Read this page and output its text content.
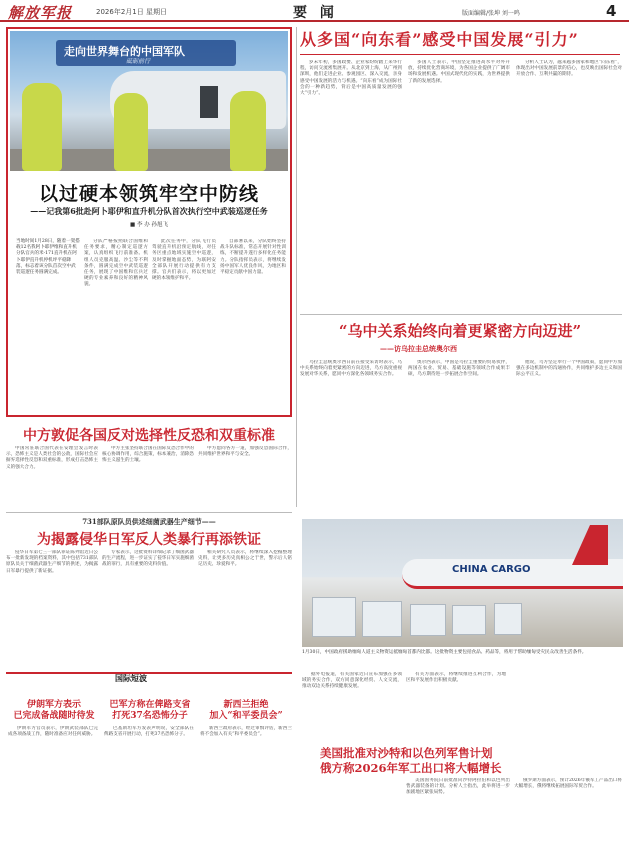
解放军报	2026年2月1日 星期日	要 闻	版面编辑/张坤 刘一鸣	4
走向世界舞台的中国军队
砥砺前行
以过硬本领筑牢空中防线
——记我第6批赴阿卜耶伊和直升机分队首次执行空中武装巡逻任务
■ 李 办 孙旭飞
当地时间1月28日，随着一架搭载12名我阿卜耶伊维和直升机分队官兵的米-171直升机在阿卜耶伊直升机停机坪平稳降落，标志着该分队首次空中武装巡逻任务圆满完成。

分队严格按照联合国维和任务要求，精心制定巡逻方案，认真组织飞行前准备。机组人员克服高温、沙尘等不利条件，圆满完成空中武装巡逻任务，展现了中国维和官兵过硬的专业素养和良好的精神风貌。

此次任务中，分队飞行员驾驶直升机沿预定航线，对任务区重点地域实施空中巡逻，及时掌握地面态势，为联阿安全部队开展行动提供有力支撑。官兵们表示，将以更加过硬的本领维护和平。

自部署以来，分队始终坚持战斗队标准，常态开展针对性训练，不断提升遂行多样化任务能力。分队指挥员表示，将继续发扬中国军人优良作风，为地区和平稳定贡献中国力量。

从多国“向东看”感受中国发展“引力”

岁末年初，多国政要、企业家纷纷踏上来华行程，访问交流密集展开。从北京到上海，从广州到深圳，他们走进企业、参观园区、深入交流，亲身感受中国发展的活力与机遇。“向东看”成为国际社会的一种新趋势，背后是中国高质量发展的强大“引力”。

多国人士表示，中国坚定推进高水平对外开放，持续优化营商环境，为各国企业提供了广阔市场和发展机遇。中国式现代化的实践，为世界提供了新的发展选择。

分析人士认为，越来越多国家和地区“向东看”，体现出对中国发展前景的信心，也反映出国际社会对开放合作、互利共赢的期待。

“乌中关系始终向着更紧密方向迈进”
——访乌拉圭总统奥尔西

乌拉圭总统奥尔西日前在接受采访时表示，乌中关系始终向着更紧密的方向迈进，乌方高度重视发展对华关系，愿同中方深化各领域务实合作。

奥尔西表示，中国是乌拉圭重要的贸易伙伴，两国在农业、贸易、基础设施等领域合作成果丰硕，乌方期待进一步拓展合作空间。

他说，乌方坚定奉行一个中国政策，愿同中方加强在多边机制中的沟通协作，共同维护多边主义和国际公平正义。

中方敦促各国反对选择性反恐和双重标准

中国常驻联合国代表在安理会发言时表示，恐怖主义是人类社会的公敌，国际社会应摒弃选择性反恐和双重标准，形成打击恐怖主义的强大合力。

中方主张坚持联合国在国际反恐合作中的核心协调作用，综合施策，标本兼治，消除恐怖主义滋生的土壤。

中方愿同各方一道，加强反恐国际合作，共同维护世界和平与安全。

731部队原队员供述细菌武器生产细节——
为揭露侵华日军反人类暴行再添铁证

侵华日军第七三一部队罪证陈列馆近日公布一批新发现的档案资料，其中包括731部队原队员关于细菌武器生产细节的供述，为揭露日军暴行提供了新证据。

专家表示，这批资料详细记录了细菌武器的生产流程，进一步证实了侵华日军实施细菌战的罪行，具有重要的史料价值。

相关研究人员表示，将继续深入挖掘整理史料，让更多历史真相公之于世，警示后人铭记历史、珍爱和平。	CHINA CARGO
1月30日，中国政府援助缅甸人道主义物资运抵缅甸首都内比都。这批物资主要包括食品、药品等，将用于帮助缅甸受灾民众改善生活条件。

据外电报道，有关国家近日宣布加强在多领域的务实合作，双方同意深化经贸、人文交流，推动双边关系持续健康发展。

有关方面表示，将继续推进互利合作，为地区和平发展作出积极贡献。

美国批准对沙特和以色列军售计划
俄方称2026年军工出口将大幅增长

美国国务院日前批准向沙特阿拉伯和以色列出售武器装备的计划。分析人士指出，此举将进一步加剧地区紧张局势。

俄罗斯方面表示，预计2026年俄军工产品出口将大幅增长，俄将继续拓展国际军贸合作。

国际短波
伊朗军方表示
已完成备战随时待发
巴军方称在俾路支省
打死37名恐怖分子
新西兰拒绝
加入“和平委员会”

伊朗军方官员表示，伊朗武装部队已完成各项备战工作，随时准备应对任何威胁。

巴基斯坦军方发表声明说，安全部队在俾路支省开展行动，打死37名恐怖分子。

新西兰政府表示，经过审慎评估，新西兰将不会加入有关“和平委员会”。
